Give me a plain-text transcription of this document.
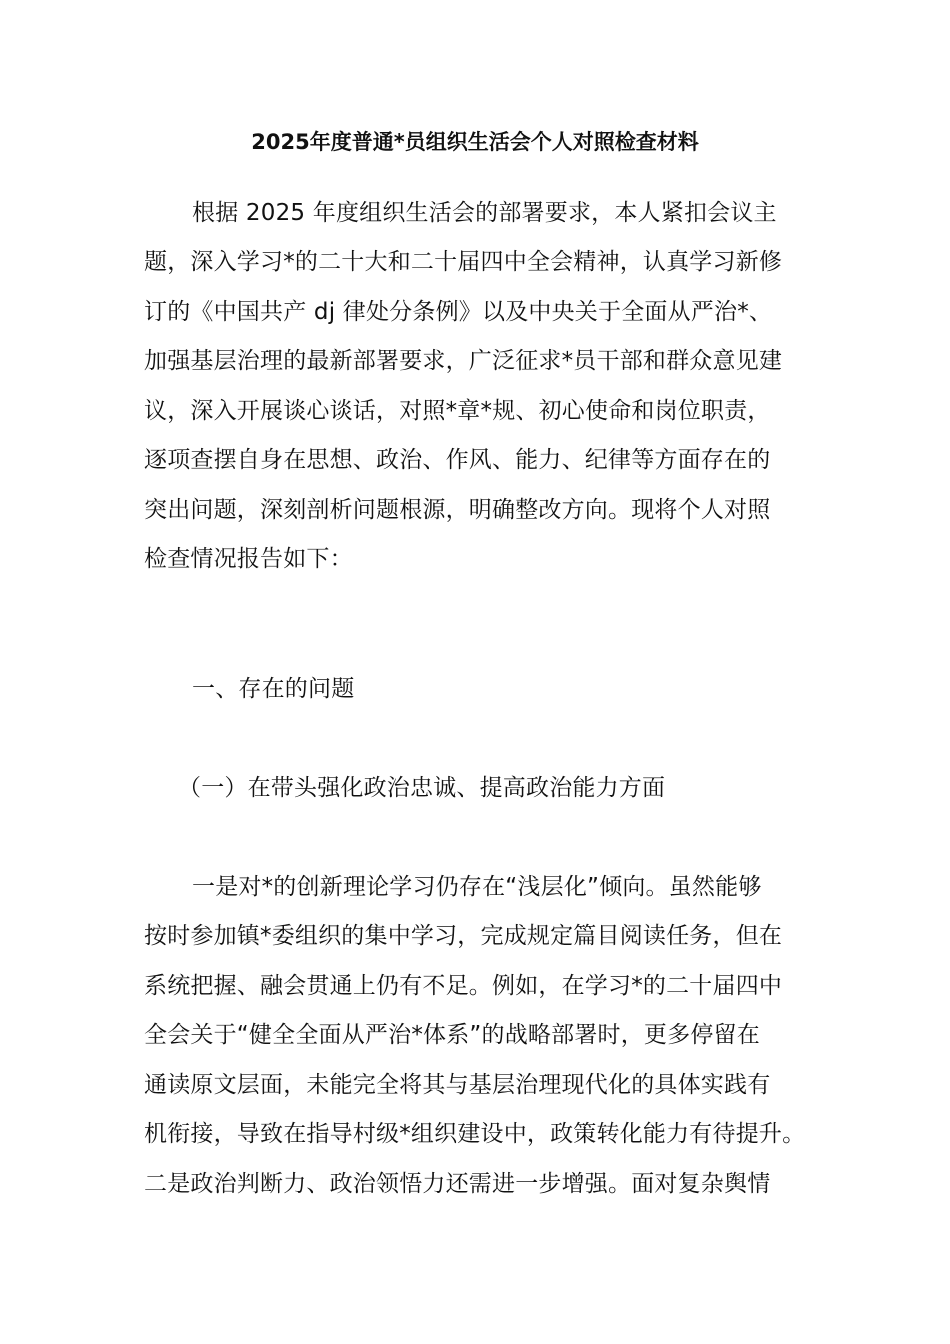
2025年度普通*员组织生活会个人对照检查材料
根据 2025 年度组织生活会的部署要求，本人紧扣会议主
题，深入学习*的二十大和二十届四中全会精神，认真学习新修
订的《中国共产 dj 律处分条例》以及中央关于全面从严治*、
加强基层治理的最新部署要求，广泛征求*员干部和群众意见建
议，深入开展谈心谈话，对照*章*规、初心使命和岗位职责，
逐项查摆自身在思想、政治、作风、能力、纪律等方面存在的
突出问题，深刻剖析问题根源，明确整改方向。现将个人对照
检查情况报告如下：
一、存在的问题
（一）在带头强化政治忠诚、提高政治能力方面
一是对*的创新理论学习仍存在“浅层化”倾向。虽然能够
按时参加镇*委组织的集中学习，完成规定篇目阅读任务，但在
系统把握、融会贯通上仍有不足。例如，在学习*的二十届四中
全会关于“健全全面从严治*体系”的战略部署时，更多停留在
通读原文层面，未能完全将其与基层治理现代化的具体实践有
机衔接，导致在指导村级*组织建设中，政策转化能力有待提升。
二是政治判断力、政治领悟力还需进一步增强。面对复杂舆情
